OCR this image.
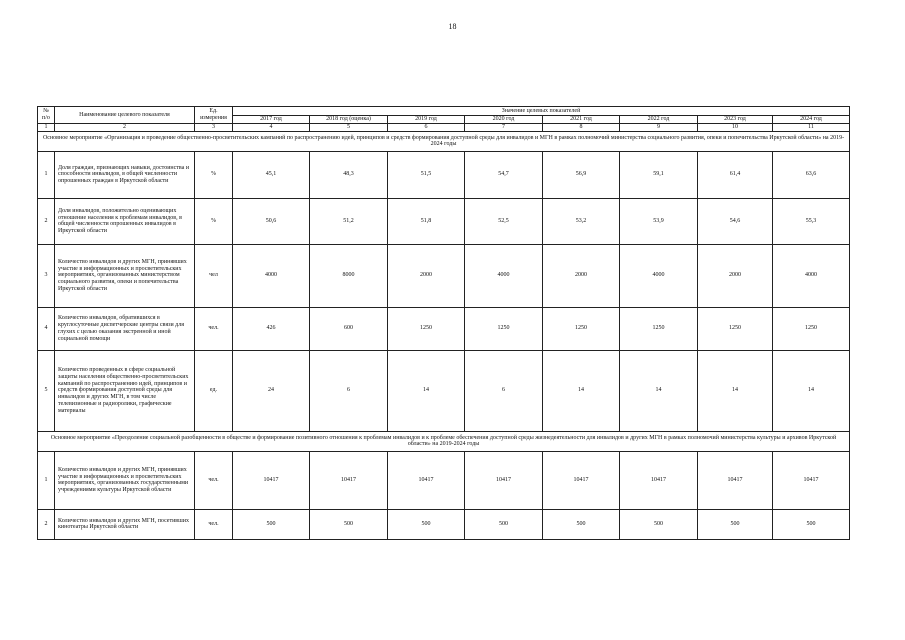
18
№ п/о	Наименование целевого показателя	Ед. измерения	Значение целевых показателей							
			2017 год	2018 год (оценка)	2019 год	2020 год	2021 год	2022 год	2023 год	2024 год
1	2	3	4	5	6	7	8	9	10	11
Основное мероприятие «Организация и проведение общественно-просветительских кампаний по распространению идей, принципов и средств формирования доступной среды для инвалидов и МГН в рамках полномочий министерства социального развития, опеки и попечительства Иркутской области» на 2019-2024 годы										
1	Доля граждан, признающих навыки, достоинства и способности инвалидов, в общей численности опрошенных граждан в Иркутской области	%	45,1	48,3	51,5	54,7	56,9	59,1	61,4	63,6
2	Доля инвалидов, положительно оценивающих отношение населения к проблемам инвалидов, в общей численности опрошенных инвалидов в Иркутской области	%	50,6	51,2	51,8	52,5	53,2	53,9	54,6	55,3
3	Количество инвалидов и других МГН, принявших участие в информационных и просветительских мероприятиях, организованных министерством социального развития, опеки и попечительства Иркутской области	чел	4000	8000	2000	4000	2000	4000	2000	4000
4	Количество инвалидов, обратившихся в круглосуточные диспетчерские центры связи для глухих с целью оказания экстренной и иной социальной помощи	чел.	426	600	1250	1250	1250	1250	1250	1250
5	Количество проведенных в сфере социальной защиты населения общественно-просветительских кампаний по распространению идей, принципов и средств формирования доступной среды для инвалидов и других МГН, в том числе телевизионные и радиоролики, графические материалы	ед.	24	6	14	6	14	14	14	14
Основное мероприятие «Преодоление социальной разобщенности в обществе и формирование позитивного отношения к проблемам инвалидов и к проблеме обеспечения доступной среды жизнедеятельности для инвалидов и других МГН в рамках полномочий министерства культуры и архивов Иркутской области» на 2019-2024 годы										
1	Количество инвалидов и других МГН, принявших участие в информационных и просветительских мероприятиях, организованных государственными учреждениями культуры Иркутской области	чел.	10417	10417	10417	10417	10417	10417	10417	10417
2	Количество инвалидов и других МГН, посетивших кинотеатры Иркутской области	чел.	500	500	500	500	500	500	500	500
